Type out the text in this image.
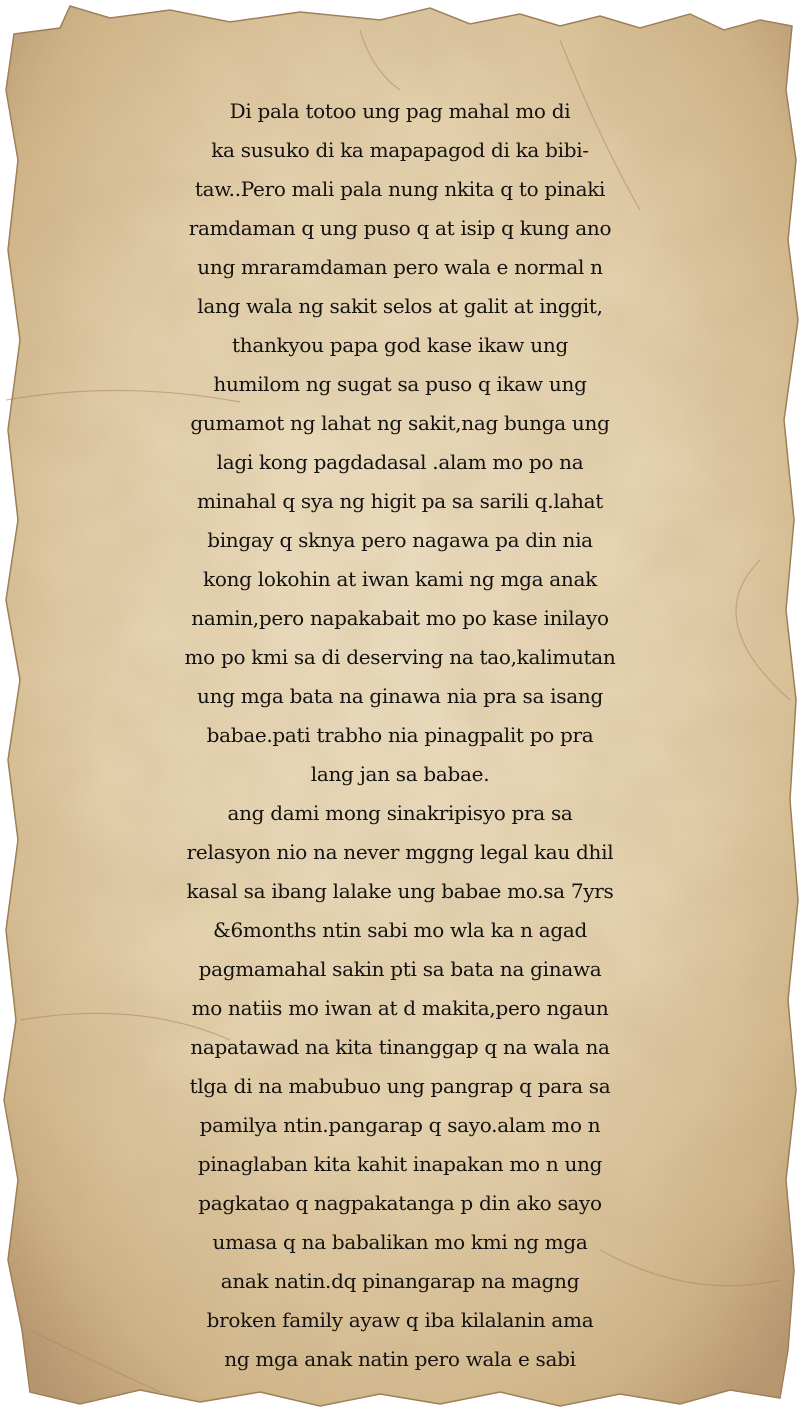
Di pala totoo ung pag mahal mo di
ka susuko di ka mapapagod di ka bibi-
taw..Pero mali pala nung nkita q to pinaki
ramdaman q ung puso q at isip q kung ano
ung mraramdaman pero wala e normal n
lang wala ng sakit selos at galit at inggit,
thankyou papa god kase ikaw ung
humilom ng sugat sa puso q ikaw ung
gumamot ng lahat ng sakit,nag bunga ung
lagi kong pagdadasal .alam mo po na
minahal q sya ng higit pa sa sarili q.lahat
bingay q sknya pero nagawa pa din nia
kong lokohin at iwan kami ng mga anak
namin,pero napakabait mo po kase inilayo
mo po kmi sa di deserving na tao,kalimutan
ung mga bata na ginawa nia pra sa isang
babae.pati trabho nia pinagpalit po pra
lang jan sa babae.
ang dami mong sinakripisyo pra sa
relasyon nio na never mggng legal kau dhil
kasal sa ibang lalake ung babae mo.sa 7yrs
&6months ntin sabi mo wla ka n agad
pagmamahal sakin pti sa bata na ginawa
mo natiis mo iwan at d makita,pero ngaun
napatawad na kita tinanggap q na wala na
tlga di na mabubuo ung pangrap q para sa
pamilya ntin.pangarap q sayo.alam mo n
pinaglaban kita kahit inapakan mo n ung
pagkatao q nagpakatanga p din ako sayo
umasa q na babalikan mo kmi ng mga
anak natin.dq pinangarap na magng
broken family ayaw q iba kilalanin ama
ng mga anak natin pero wala e sabi
